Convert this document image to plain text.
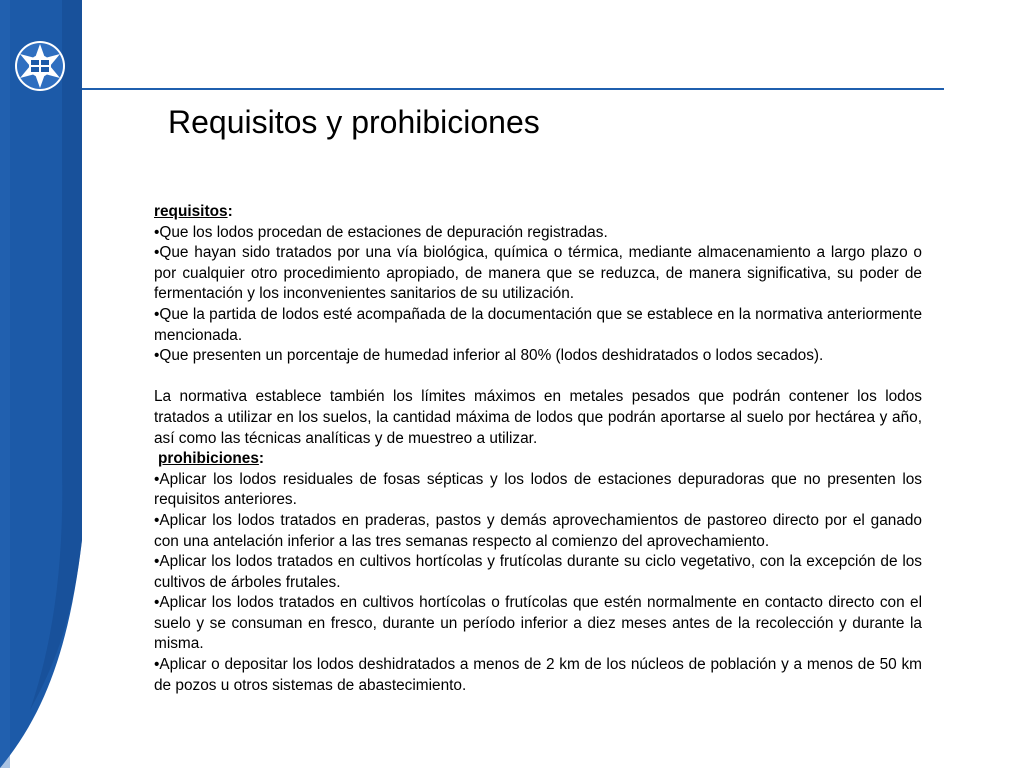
Requisitos y prohibiciones

requisitos:

•Que los lodos procedan de estaciones de depuración registradas.

•Que hayan sido tratados por una vía biológica, química o térmica, mediante almacenamiento a largo plazo o por cualquier otro procedimiento apropiado, de manera que se reduzca, de manera significativa, su poder de fermentación y los inconvenientes sanitarios de su utilización.

•Que la partida de lodos esté acompañada de la documentación que se establece en la normativa anteriormente mencionada.

•Que presenten un porcentaje de humedad inferior al 80% (lodos deshidratados o lodos secados).

La normativa establece también los límites máximos en metales pesados que podrán contener los lodos tratados a utilizar en los suelos, la cantidad máxima de lodos que podrán aportarse al suelo por hectárea y año, así como las técnicas analíticas y de muestreo a utilizar.

prohibiciones:

•Aplicar los lodos residuales de fosas sépticas y los lodos de estaciones depuradoras que no presenten los requisitos anteriores.

•Aplicar los lodos tratados en praderas, pastos y demás aprovechamientos de pastoreo directo por el ganado con una antelación inferior a las tres semanas respecto al comienzo del aprovechamiento.

•Aplicar los lodos tratados en cultivos hortícolas y frutícolas durante su ciclo vegetativo, con la excepción de los cultivos de árboles frutales.

•Aplicar los lodos tratados en cultivos hortícolas o frutícolas que estén normalmente en contacto directo con el suelo y se consuman en fresco, durante un período inferior a diez meses antes de la recolección y durante la misma.

•Aplicar o depositar los lodos deshidratados a menos de 2 km de los núcleos de población y a menos de 50 km de pozos u otros sistemas de abastecimiento.
